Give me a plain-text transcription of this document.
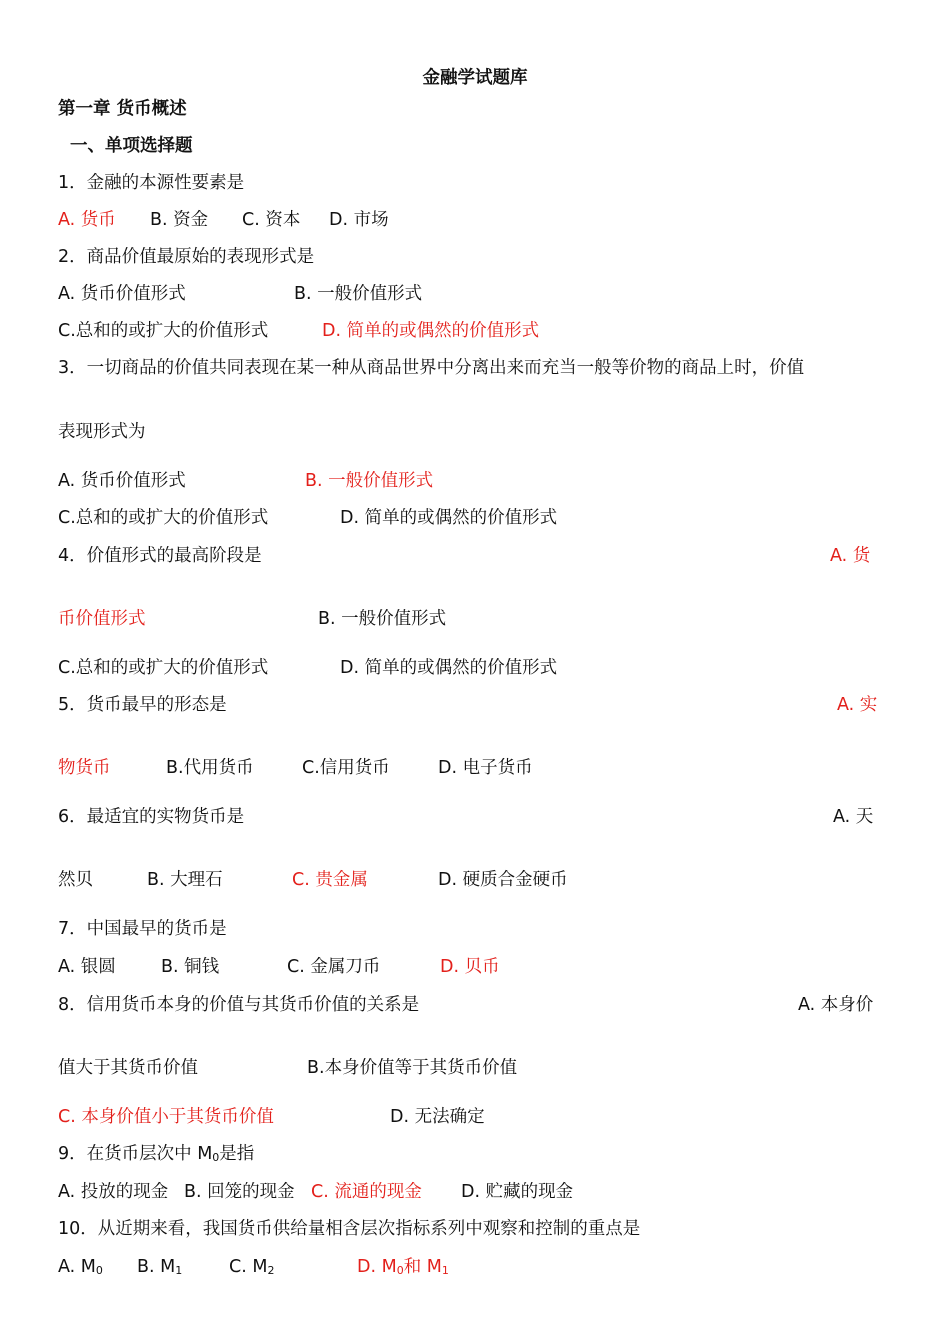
金融学试题库
第一章 货币概述
一、单项选择题
1．金融的本源性要素是
A. 货币 B. 资金 C. 资本 D. 市场
2．商品价值最原始的表现形式是
A. 货币价值形式	B. 一般价值形式
C.总和的或扩大的价值形式	D. 简单的或偶然的价值形式
3．一切商品的价值共同表现在某一种从商品世界中分离出来而充当一般等价物的商品上时，价值
表现形式为
A. 货币价值形式	B. 一般价值形式
C.总和的或扩大的价值形式	D. 简单的或偶然的价值形式
4．价值形式的最高阶段是	A. 货
币价值形式	B. 一般价值形式
C.总和的或扩大的价值形式	D. 简单的或偶然的价值形式
5．货币最早的形态是	A. 实
物货币	B.代用货币	C.信用货币	D. 电子货币
6．最适宜的实物货币是	A. 天
然贝	B. 大理石	C. 贵金属	D. 硬质合金硬币
7．中国最早的货币是
A. 银圆	B. 铜钱	C. 金属刀币	D. 贝币
8．信用货币本身的价值与其货币价值的关系是	A. 本身价
值大于其货币价值	B.本身价值等于其货币价值
C. 本身价值小于其货币价值	D. 无法确定
9．在货币层次中 $M_0$是指
A. 投放的现金 B. 回笼的现金 C. 流通的现金 D. 贮藏的现金
10．从近期来看，我国货币供给量相含层次指标系列中观察和控制的重点是
A. $M_0$ B. $M_1$	C. $M_2$	D. $M_0$和 $M_1$
